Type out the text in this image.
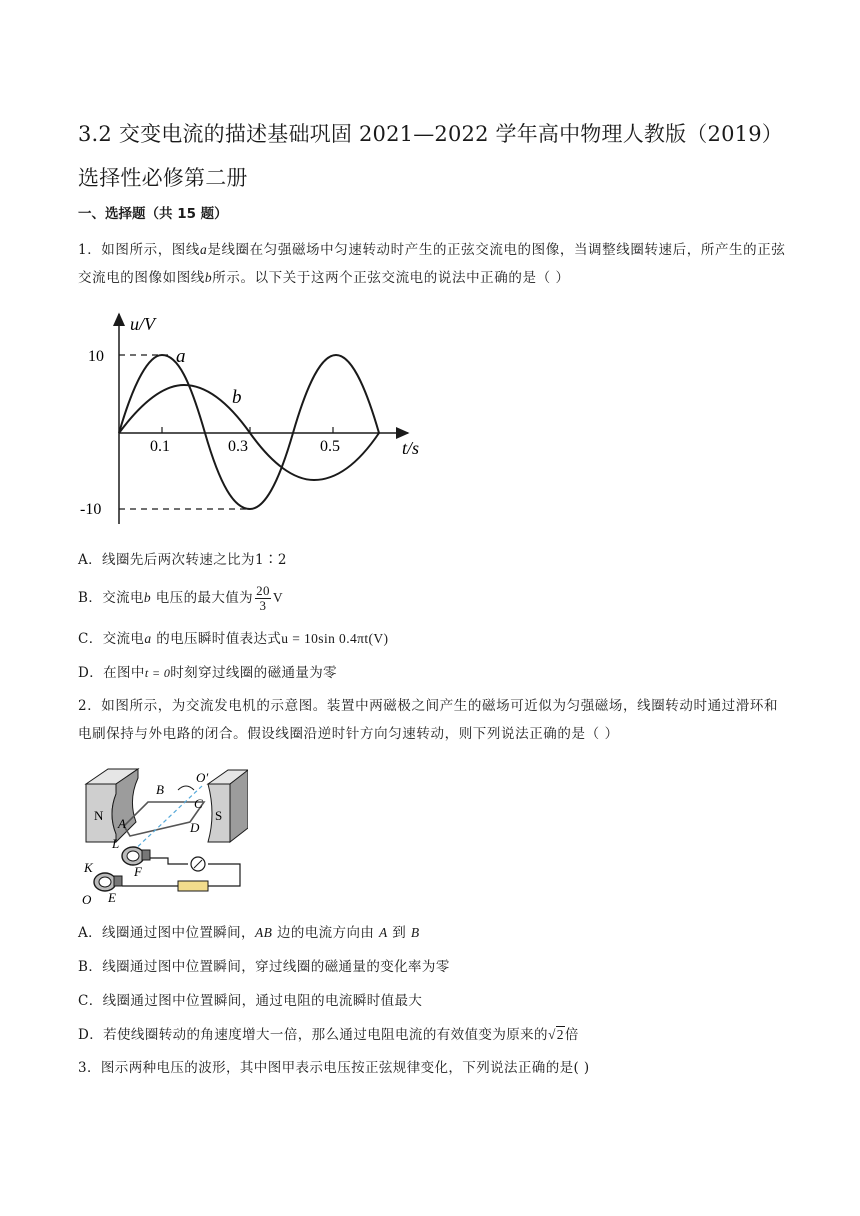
3.2 交变电流的描述基础巩固 2021—2022 学年高中物理人教版（2019）
选择性必修第二册
一、选择题（共 15 题）
1．如图所示，图线a是线圈在匀强磁场中匀速转动时产生的正弦交流电的图像，当调整线圈转速后，所产生的正弦交流电的图像如图线b所示。以下关于这两个正弦交流电的说法中正确的是（ ）
u/V
t/s
10
-10
0.1	0.3	0.5
a
b
A．线圈先后两次转速之比为1∶2
B．交流电b 电压的最大值为 $\frac{20}{3}$ V
C．交流电a 的电压瞬时值表达式u = 10sin 0.4πt(V)
D．在图中t = 0时刻穿过线圈的磁通量为零
2．如图所示，为交流发电机的示意图。装置中两磁极之间产生的磁场可近似为匀强磁场，线圈转动时通过滑环和电刷保持与外电路的闭合。假设线圈沿逆时针方向匀速转动，则下列说法正确的是（ ）
N	S
A
B
C
D
O′
K
L
F
E
O
A．线圈通过图中位置瞬间，AB 边的电流方向由 A 到 B
B．线圈通过图中位置瞬间，穿过线圈的磁通量的变化率为零
C．线圈通过图中位置瞬间，通过电阻的电流瞬时值最大
D．若使线圈转动的角速度增大一倍，那么通过电阻电流的有效值变为原来的√2倍
3．图示两种电压的波形，其中图甲表示电压按正弦规律变化，下列说法正确的是( )
